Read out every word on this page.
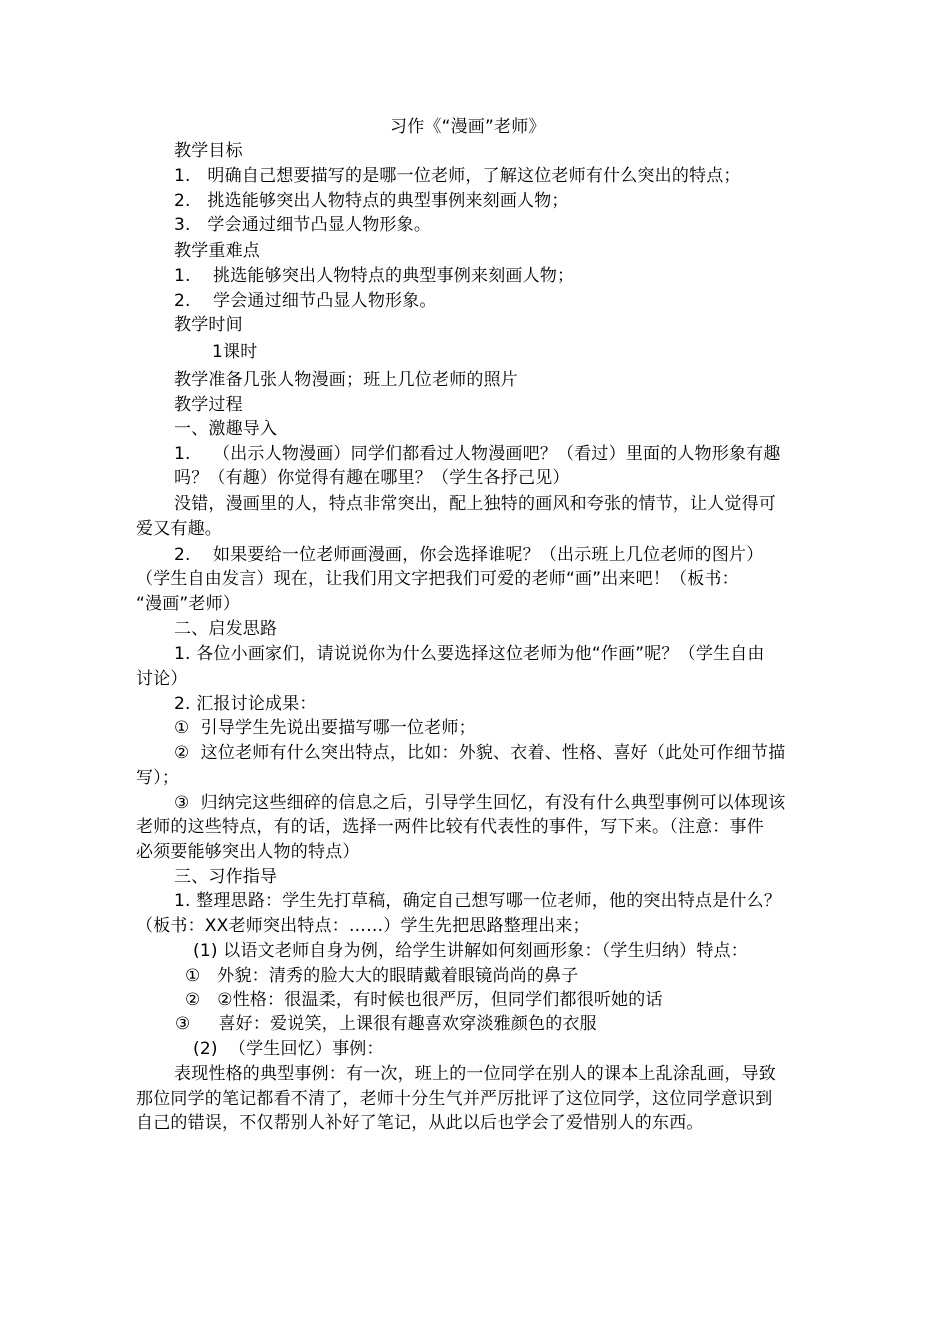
习作《“漫画”老师》
教学目标
1.   明确自己想要描写的是哪一位老师，了解这位老师有什么突出的特点；
2.   挑选能够突出人物特点的典型事例来刻画人物；
3.   学会通过细节凸显人物形象。
教学重难点
1.    挑选能够突出人物特点的典型事例来刻画人物；
2.    学会通过细节凸显人物形象。
教学时间
1课时
教学准备几张人物漫画；班上几位老师的照片
教学过程
一、激趣导入
1.    （出示人物漫画）同学们都看过人物漫画吧？（看过）里面的人物形象有趣
吗？（有趣）你觉得有趣在哪里？（学生各抒己见）
没错，漫画里的人，特点非常突出，配上独特的画风和夸张的情节，让人觉得可
爱又有趣。
2.    如果要给一位老师画漫画，你会选择谁呢？（出示班上几位老师的图片）
（学生自由发言）现在，让我们用文字把我们可爱的老师“画”出来吧！（板书：
“漫画”老师）
二、启发思路
1. 各位小画家们，请说说你为什么要选择这位老师为他“作画”呢？（学生自由
讨论）
2. 汇报讨论成果：
①  引导学生先说出要描写哪一位老师；
②  这位老师有什么突出特点，比如：外貌、衣着、性格、喜好（此处可作细节描
写）；
③  归纳完这些细碎的信息之后，引导学生回忆，有没有什么典型事例可以体现该
老师的这些特点，有的话，选择一两件比较有代表性的事件，写下来。（注意：事件
必须要能够突出人物的特点）
三、习作指导
1. 整理思路：学生先打草稿，确定自己想写哪一位老师，他的突出特点是什么？
（板书：XX老师突出特点：……）学生先把思路整理出来；
(1) 以语文老师自身为例，给学生讲解如何刻画形象：（学生归纳）特点：
①   外貌：清秀的脸大大的眼睛戴着眼镜尚尚的鼻子
②   ②性格：很温柔，有时候也很严厉，但同学们都很听她的话
③     喜好：爱说笑，上课很有趣喜欢穿淡雅颜色的衣服
(2)  （学生回忆）事例：
表现性格的典型事例：有一次，班上的一位同学在别人的课本上乱涂乱画，导致
那位同学的笔记都看不清了，老师十分生气并严厉批评了这位同学，这位同学意识到
自己的错误，不仅帮别人补好了笔记，从此以后也学会了爱惜别人的东西。
